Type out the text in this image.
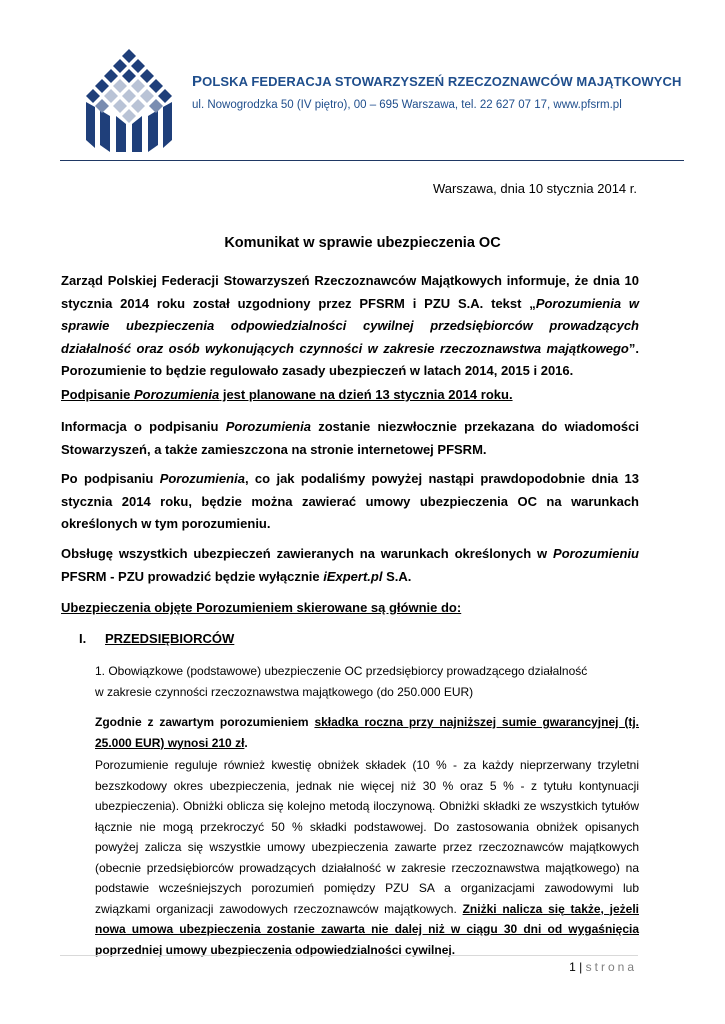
POLSKA FEDERACJA STOWARZYSZEŃ RZECZOZNAWCÓW MAJĄTKOWYCH
ul. Nowogrodzka 50 (IV piętro), 00 – 695 Warszawa, tel. 22 627 07 17, www.pfsrm.pl
Warszawa, dnia 10 stycznia 2014 r.
Komunikat w sprawie ubezpieczenia OC
Zarząd Polskiej Federacji Stowarzyszeń Rzeczoznawców Majątkowych informuje, że dnia 10 stycznia 2014 roku został uzgodniony przez PFSRM i PZU S.A. tekst „Porozumienia w sprawie ubezpieczenia odpowiedzialności cywilnej przedsiębiorców prowadzących działalność oraz osób wykonujących czynności w zakresie rzeczoznawstwa majątkowego”. Porozumienie to będzie regulowało zasady ubezpieczeń w latach 2014, 2015 i 2016.
Podpisanie Porozumienia jest planowane na dzień 13 stycznia 2014 roku.
Informacja o podpisaniu Porozumienia zostanie niezwłocznie przekazana do wiadomości Stowarzyszeń, a także zamieszczona na stronie internetowej PFSRM.
Po podpisaniu Porozumienia, co jak podaliśmy powyżej nastąpi prawdopodobnie dnia 13 stycznia 2014 roku, będzie można zawierać umowy ubezpieczenia OC na warunkach określonych w tym porozumieniu.
Obsługę wszystkich ubezpieczeń zawieranych na warunkach określonych w Porozumieniu PFSRM - PZU prowadzić będzie wyłącznie iExpert.pl S.A.
Ubezpieczenia objęte Porozumieniem skierowane są głównie do:
I. PRZEDSIĘBIORCÓW
1. Obowiązkowe (podstawowe) ubezpieczenie OC przedsiębiorcy prowadzącego działalność
w zakresie czynności rzeczoznawstwa majątkowego (do 250.000 EUR)
Zgodnie z zawartym porozumieniem składka roczna przy najniższej sumie gwarancyjnej (tj. 25.000 EUR) wynosi 210 zł.
Porozumienie reguluje również kwestię obniżek składek (10 % - za każdy nieprzerwany trzyletni bezszkodowy okres ubezpieczenia, jednak nie więcej niż 30 % oraz 5 % - z tytułu kontynuacji ubezpieczenia). Obniżki oblicza się kolejno metodą iloczynową. Obniżki składki ze wszystkich tytułów łącznie nie mogą przekroczyć 50 % składki podstawowej. Do zastosowania obniżek opisanych powyżej zalicza się wszystkie umowy ubezpieczenia zawarte przez rzeczoznawców majątkowych (obecnie przedsiębiorców prowadzących działalność w zakresie rzeczoznawstwa majątkowego) na podstawie wcześniejszych porozumień pomiędzy PZU SA a organizacjami zawodowymi lub związkami organizacji zawodowych rzeczoznawców majątkowych. Zniżki nalicza się także, jeżeli nowa umowa ubezpieczenia zostanie zawarta nie dalej niż w ciągu 30 dni od wygaśnięcia poprzedniej umowy ubezpieczenia odpowiedzialności cywilnej.
1 | strona
